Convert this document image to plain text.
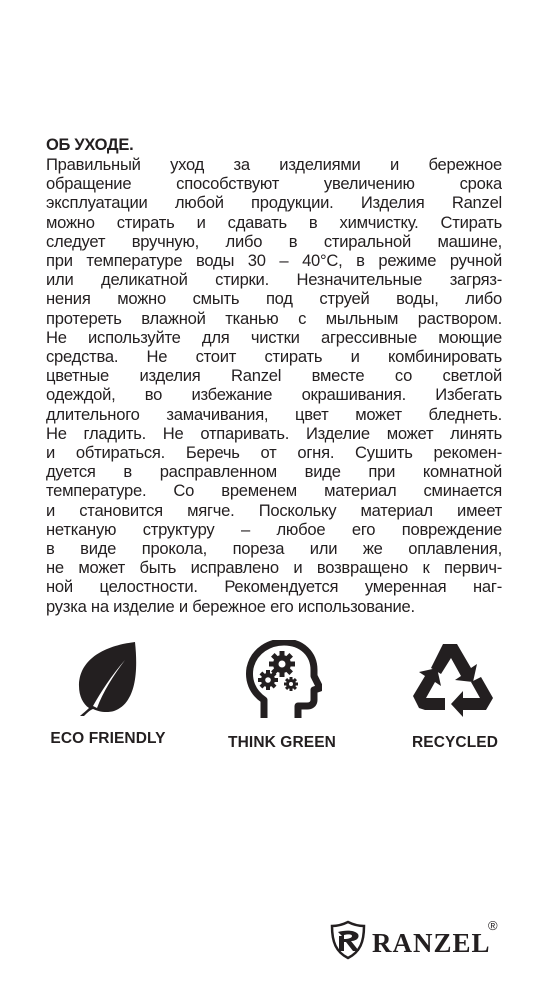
ОБ УХОДЕ.
Правильный уход за изделиями и бережное
обращение способствуют увеличению срока
эксплуатации любой продукции. Изделия Ranzel
можно стирать и сдавать в химчистку. Стирать
следует вручную, либо в стиральной машине,
при температуре воды 30 – 40°С, в режиме ручной
или деликатной стирки. Незначительные загряз-
нения можно смыть под струей воды, либо
протереть влажной тканью с мыльным раствором.
Не используйте для чистки агрессивные моющие
средства. Не стоит стирать и комбинировать
цветные изделия Ranzel вместе со светлой
одеждой, во избежание окрашивания. Избегать
длительного замачивания, цвет может бледнеть.
Не гладить. Не отпаривать. Изделие может линять
и обтираться. Беречь от огня. Сушить рекомен-
дуется в расправленном виде при комнатной
температуре. Со временем материал сминается
и становится мягче. Поскольку материал имеет
нетканую структуру – любое его повреждение
в виде прокола, пореза или же оплавления,
не может быть исправлено и возвращено к первич-
ной целостности. Рекомендуется умеренная наг-
рузка на изделие и бережное его использование.
ECO FRIENDLY	THINK GREEN	RECYCLED
RANZEL
®
